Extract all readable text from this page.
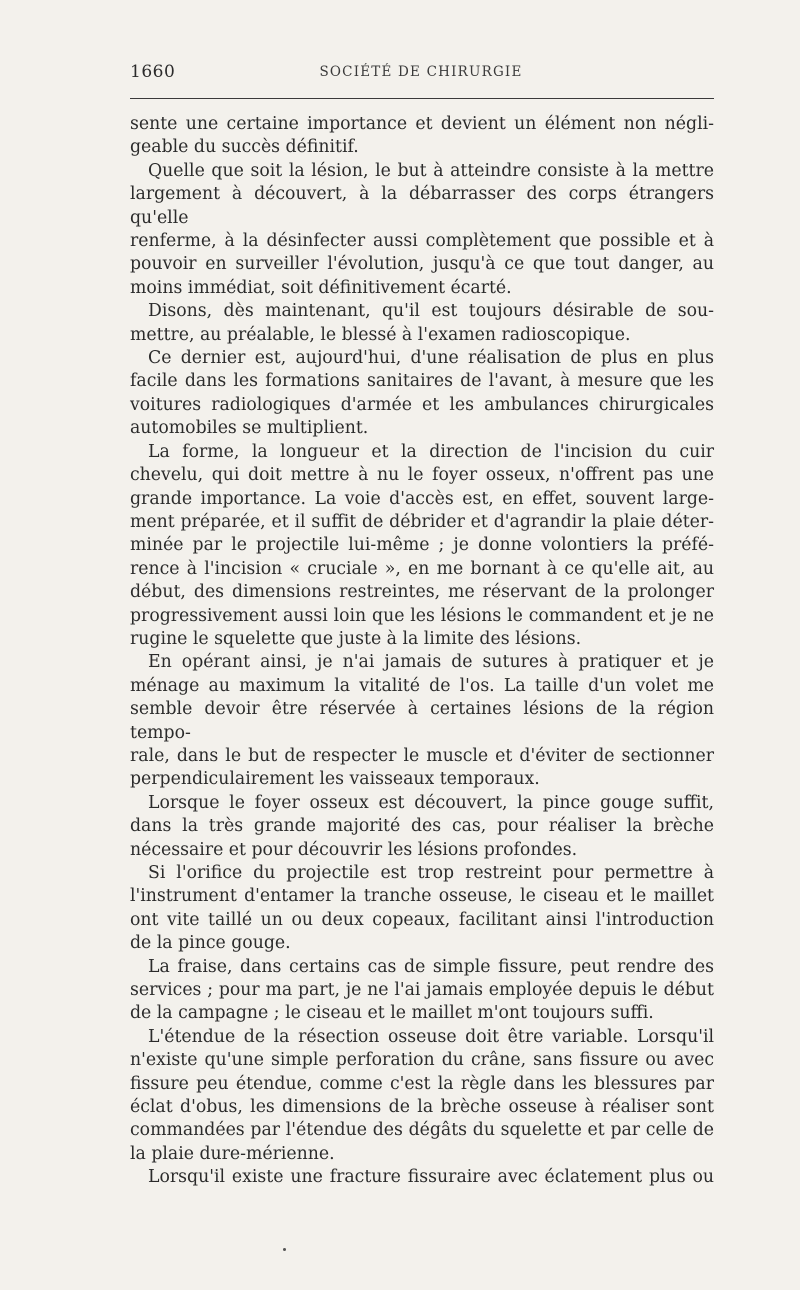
1660	SOCIÉTÉ DE CHIRURGIE

sente une certaine importance et devient un élément non négli-
geable du succès définitif.

Quelle que soit la lésion, le but à atteindre consiste à la mettre
largement à découvert, à la débarrasser des corps étrangers qu'elle
renferme, à la désinfecter aussi complètement que possible et à
pouvoir en surveiller l'évolution, jusqu'à ce que tout danger, au
moins immédiat, soit définitivement écarté.

Disons, dès maintenant, qu'il est toujours désirable de sou-
mettre, au préalable, le blessé à l'examen radioscopique.

Ce dernier est, aujourd'hui, d'une réalisation de plus en plus
facile dans les formations sanitaires de l'avant, à mesure que les
voitures radiologiques d'armée et les ambulances chirurgicales
automobiles se multiplient.

La forme, la longueur et la direction de l'incision du cuir
chevelu, qui doit mettre à nu le foyer osseux, n'offrent pas une
grande importance. La voie d'accès est, en effet, souvent large-
ment préparée, et il suffit de débrider et d'agrandir la plaie déter-
minée par le projectile lui-même ; je donne volontiers la préfé-
rence à l'incision « cruciale », en me bornant à ce qu'elle ait, au
début, des dimensions restreintes, me réservant de la prolonger
progressivement aussi loin que les lésions le commandent et je ne
rugine le squelette que juste à la limite des lésions.

En opérant ainsi, je n'ai jamais de sutures à pratiquer et je
ménage au maximum la vitalité de l'os. La taille d'un volet me
semble devoir être réservée à certaines lésions de la région tempo-
rale, dans le but de respecter le muscle et d'éviter de sectionner
perpendiculairement les vaisseaux temporaux.

Lorsque le foyer osseux est découvert, la pince gouge suffit,
dans la très grande majorité des cas, pour réaliser la brèche
nécessaire et pour découvrir les lésions profondes.

Si l'orifice du projectile est trop restreint pour permettre à
l'instrument d'entamer la tranche osseuse, le ciseau et le maillet
ont vite taillé un ou deux copeaux, facilitant ainsi l'introduction
de la pince gouge.

La fraise, dans certains cas de simple fissure, peut rendre des
services ; pour ma part, je ne l'ai jamais employée depuis le début
de la campagne ; le ciseau et le maillet m'ont toujours suffi.

L'étendue de la résection osseuse doit être variable. Lorsqu'il
n'existe qu'une simple perforation du crâne, sans fissure ou avec
fissure peu étendue, comme c'est la règle dans les blessures par
éclat d'obus, les dimensions de la brèche osseuse à réaliser sont
commandées par l'étendue des dégâts du squelette et par celle de
la plaie dure-mérienne.

Lorsqu'il existe une fracture fissuraire avec éclatement plus ou
